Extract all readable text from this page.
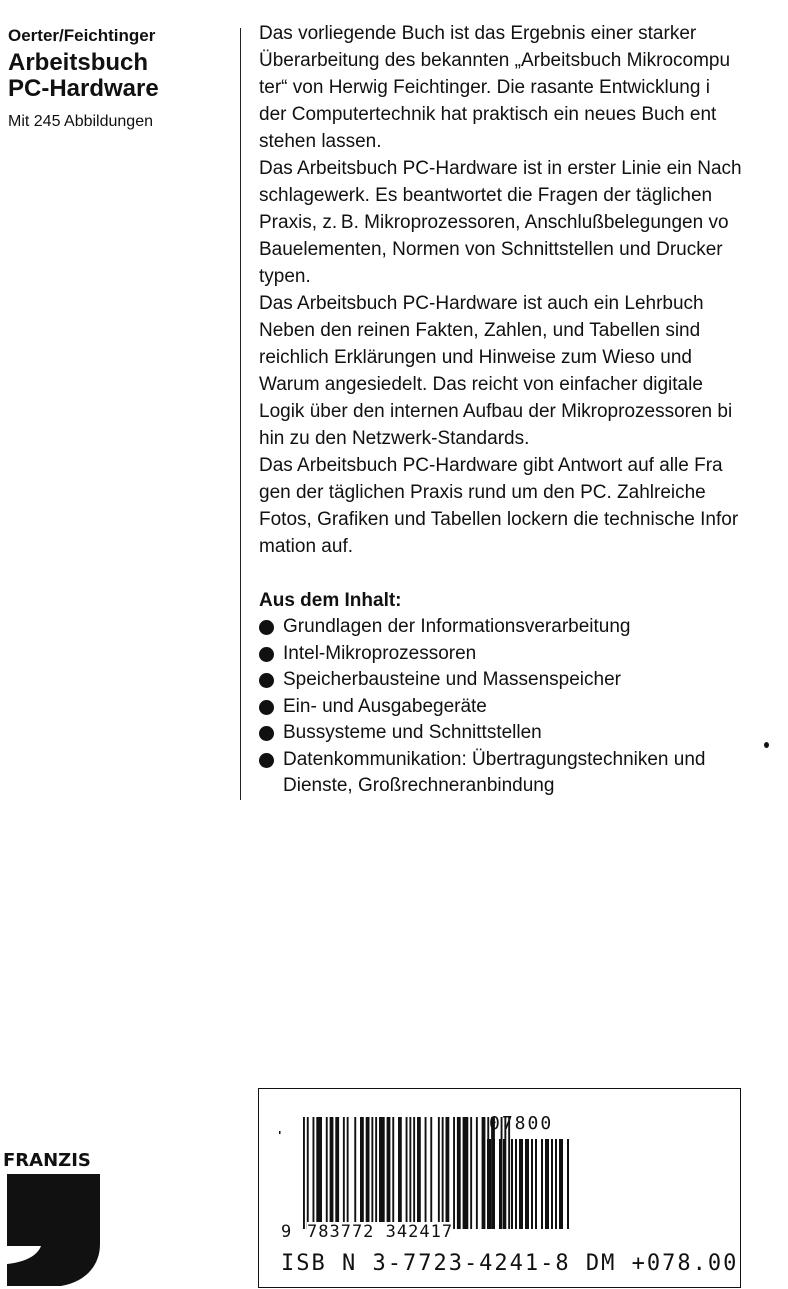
Oerter/Feichtinger
Arbeitsbuch
PC-Hardware
Mit 245 Abbildungen
Das vorliegende Buch ist das Ergebnis einer starker
Überarbeitung des bekannten „Arbeitsbuch Mikrocompu
ter“ von Herwig Feichtinger. Die rasante Entwicklung i
der Computertechnik hat praktisch ein neues Buch ent
stehen lassen.
Das Arbeitsbuch PC-Hardware ist in erster Linie ein Nach
schlagewerk. Es beantwortet die Fragen der täglichen
Praxis, z. B. Mikroprozessoren, Anschlußbelegungen vo
Bauelementen, Normen von Schnittstellen und Drucker
typen.
Das Arbeitsbuch PC-Hardware ist auch ein Lehrbuch
Neben den reinen Fakten, Zahlen, und Tabellen sind
reichlich Erklärungen und Hinweise zum Wieso und
Warum angesiedelt. Das reicht von einfacher digitale
Logik über den internen Aufbau der Mikroprozessoren bi
hin zu den Netzwerk-Standards.
Das Arbeitsbuch PC-Hardware gibt Antwort auf alle Fra
gen der täglichen Praxis rund um den PC. Zahlreiche
Fotos, Grafiken und Tabellen lockern die technische Infor
mation auf.
Aus dem Inhalt:
Grundlagen der Informationsverarbeitung
Intel-Mikroprozessoren
Speicherbausteine und Massenspeicher
Ein- und Ausgabegeräte
Bussysteme und Schnittstellen
Datenkommunikation: Übertragungstechniken und
Dienste, Großrechneranbindung
FRANZIS
07800
9 783772 342417
ISB N 3-7723-4241-8 DM +078.00
